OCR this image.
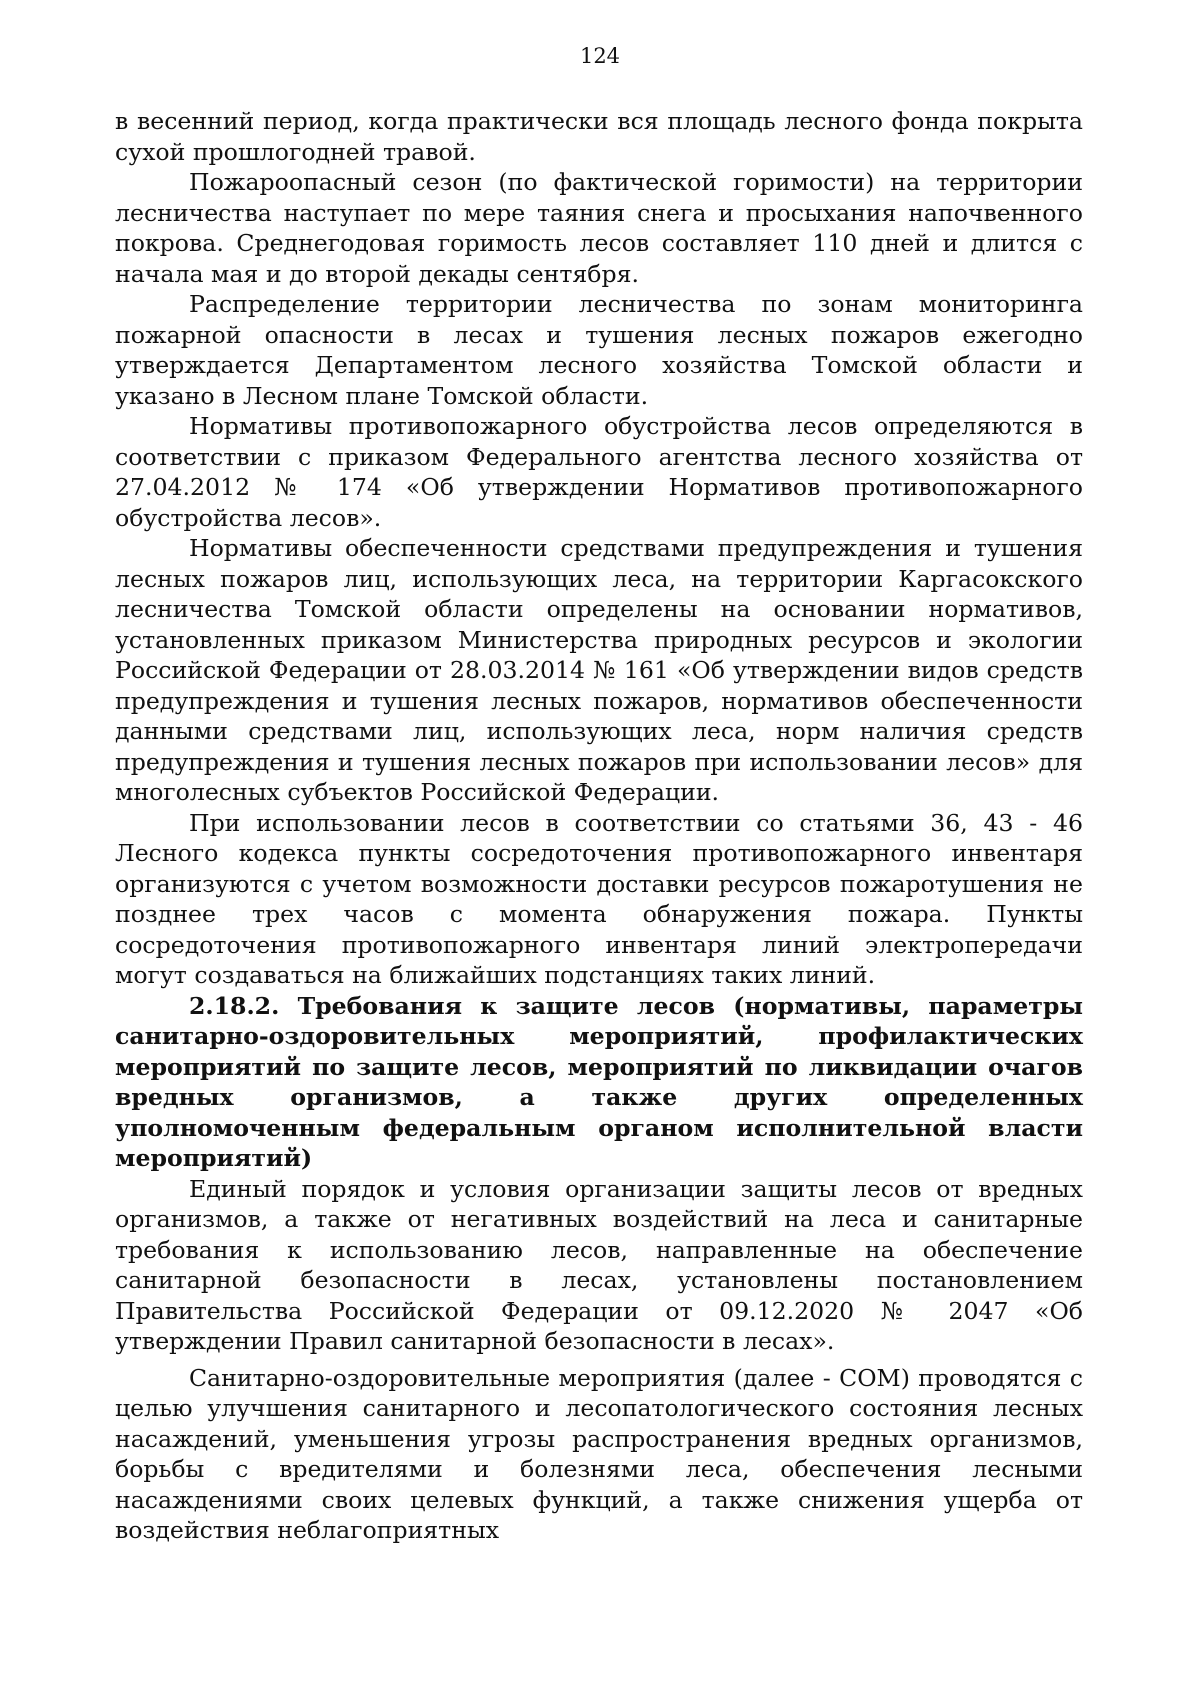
124

в весенний период, когда практически вся площадь лесного фонда покрыта сухой прошлогодней травой.

Пожароопасный сезон (по фактической горимости) на территории лесничества наступает по мере таяния снега и просыхания напочвенного покрова. Среднегодовая горимость лесов составляет 110 дней и длится с начала мая и до второй декады сентября.

Распределение территории лесничества по зонам мониторинга пожарной опасности в лесах и тушения лесных пожаров ежегодно утверждается Департаментом лесного хозяйства Томской области и указано в Лесном плане Томской области.

Нормативы противопожарного обустройства лесов определяются в соответствии с приказом Федерального агентства лесного хозяйства от 27.04.2012 № 174 «Об утверждении Нормативов противопожарного обустройства лесов».

Нормативы обеспеченности средствами предупреждения и тушения лесных пожаров лиц, использующих леса, на территории Каргасокского лесничества Томской области определены на основании нормативов, установленных приказом Министерства природных ресурсов и экологии Российской Федерации от 28.03.2014 № 161 «Об утверждении видов средств предупреждения и тушения лесных пожаров, нормативов обеспеченности данными средствами лиц, использующих леса, норм наличия средств предупреждения и тушения лесных пожаров при использовании лесов» для многолесных субъектов Российской Федерации.

При использовании лесов в соответствии со статьями 36, 43 - 46 Лесного кодекса пункты сосредоточения противопожарного инвентаря организуются с учетом возможности доставки ресурсов пожаротушения не позднее трех часов с момента обнаружения пожара. Пункты сосредоточения противопожарного инвентаря линий электропередачи могут создаваться на ближайших подстанциях таких линий.

2.18.2. Требования к защите лесов (нормативы, параметры санитарно-оздоровительных мероприятий, профилактических мероприятий по защите лесов, мероприятий по ликвидации очагов вредных организмов, а также других определенных уполномоченным федеральным органом исполнительной власти мероприятий)

Единый порядок и условия организации защиты лесов от вредных организмов, а также от негативных воздействий на леса и санитарные требования к использованию лесов, направленные на обеспечение санитарной безопасности в лесах, установлены постановлением Правительства Российской Федерации от 09.12.2020 № 2047 «Об утверждении Правил санитарной безопасности в лесах».

Санитарно-оздоровительные мероприятия (далее - СОМ) проводятся с целью улучшения санитарного и лесопатологического состояния лесных насаждений, уменьшения угрозы распространения вредных организмов, борьбы с вредителями и болезнями леса, обеспечения лесными насаждениями своих целевых функций, а также снижения ущерба от воздействия неблагоприятных
